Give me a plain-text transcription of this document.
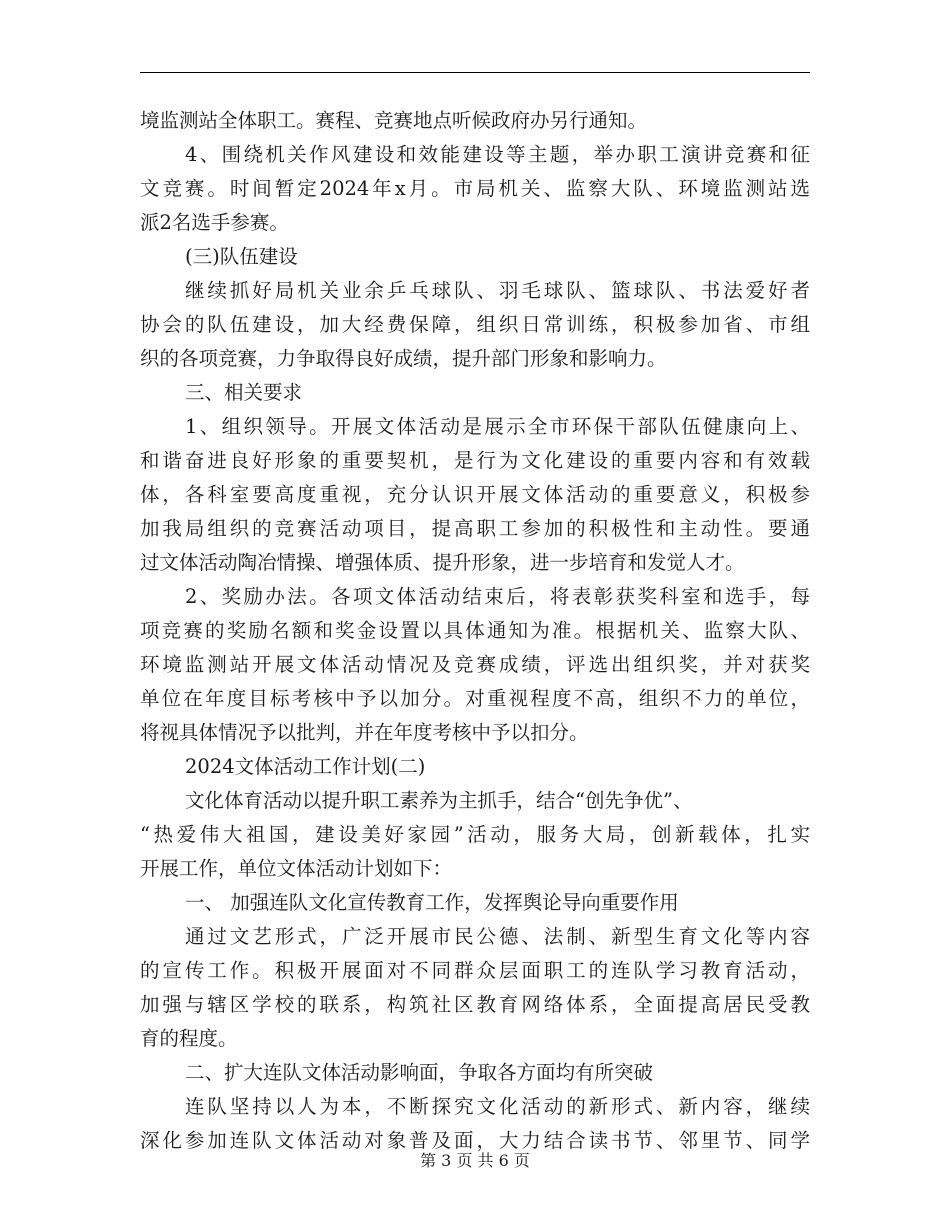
境监测站全体职工。赛程、竞赛地点听候政府办另行通知。
4、围绕机关作风建设和效能建设等主题，举办职工演讲竞赛和征
文竞赛。时间暂定2024年x月。市局机关、监察大队、环境监测站选
派2名选手参赛。
(三)队伍建设
继续抓好局机关业余乒乓球队、羽毛球队、篮球队、书法爱好者
协会的队伍建设，加大经费保障，组织日常训练，积极参加省、市组
织的各项竞赛，力争取得良好成绩，提升部门形象和影响力。
三、相关要求
1、组织领导。开展文体活动是展示全市环保干部队伍健康向上、
和谐奋进良好形象的重要契机，是行为文化建设的重要内容和有效载
体，各科室要高度重视，充分认识开展文体活动的重要意义，积极参
加我局组织的竞赛活动项目，提高职工参加的积极性和主动性。要通
过文体活动陶冶情操、增强体质、提升形象，进一步培育和发觉人才。
2、奖励办法。各项文体活动结束后，将表彰获奖科室和选手，每
项竞赛的奖励名额和奖金设置以具体通知为准。根据机关、监察大队、
环境监测站开展文体活动情况及竞赛成绩，评选出组织奖，并对获奖
单位在年度目标考核中予以加分。对重视程度不高，组织不力的单位，
将视具体情况予以批判，并在年度考核中予以扣分。
2024文体活动工作计划(二)
文化体育活动以提升职工素养为主抓手，结合“创先争优”、
“热爱伟大祖国，建设美好家园”活动，服务大局，创新载体，扎实
开展工作，单位文体活动计划如下：
一、 加强连队文化宣传教育工作，发挥舆论导向重要作用
通过文艺形式，广泛开展市民公德、法制、新型生育文化等内容
的宣传工作。积极开展面对不同群众层面职工的连队学习教育活动，
加强与辖区学校的联系，构筑社区教育网络体系，全面提高居民受教
育的程度。
二、扩大连队文体活动影响面，争取各方面均有所突破
连队坚持以人为本，不断探究文化活动的新形式、新内容，继续
深化参加连队文体活动对象普及面，大力结合读书节、邻里节、同学
第 3 页 共 6 页
